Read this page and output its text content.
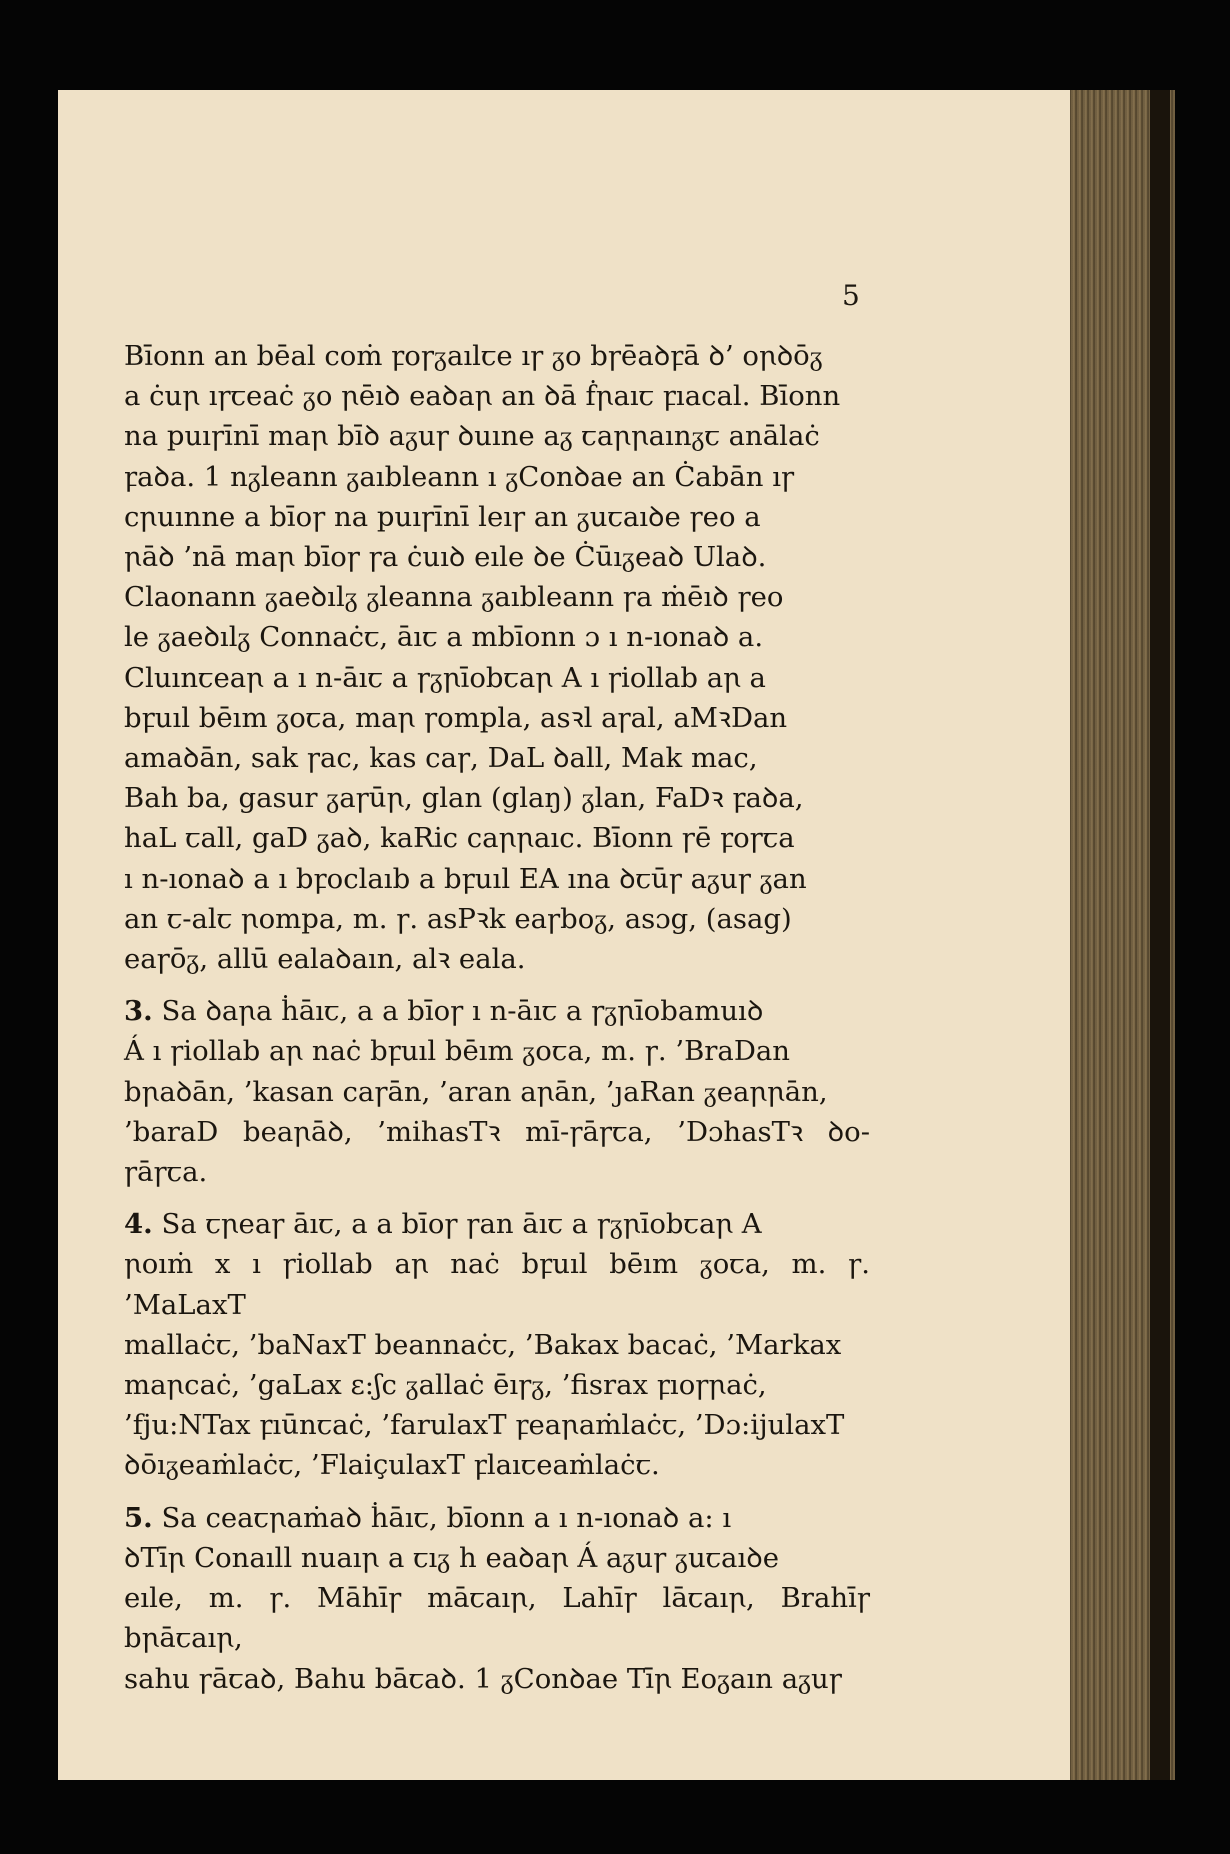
5

Bīonn an bēal coṁ ꝼoꞅᵹaılꞇe ıꞅ ᵹo bꞅēaꝺꝼā ꝺ’ oꞃꝺōᵹ
a ċuꞃ ıꞅꞇeaċ ᵹo ꞃēıꝺ eaꝺaꞃ an ꝺā ḟꞃaıꞇ ꝼıacal. Bīonn
na puıꞅīnī maꞃ bīꝺ aᵹuꞅ ꝺuıne aᵹ ꞇaꞃꞃaınᵹꞇ anālaċ
ꝼaꝺa. 1 nᵹleann ᵹaıbleann ı ᵹConꝺae an Ċabān ıꞅ
cꞃuınne a bīoꞅ na puıꞅīnī leıꞅ an ᵹuꞇaıꝺe ꞅeo a
ꞃāꝺ ’nā maꞃ bīoꞅ ꞅa ċuıꝺ eıle ꝺe Ċūıᵹeaꝺ Ulaꝺ.
Claonann ᵹaeꝺılᵹ ᵹleanna ᵹaıbleann ꞅa ṁēıꝺ ꞅeo
le ᵹaeꝺılᵹ Connaċꞇ, āıꞇ a mbīonn ɔ ı n-ıonaꝺ a.
Cluınꞇeaꞃ a ı n-āıꞇ a ꞅᵹꞃīobꞇaꞃ A ı ꞅiollab aꞃ a
bꝼuıl bēım ᵹoꞇa, maꞃ ꞅompla, asꝛl aꞅal, aMꝛDan
amaꝺān, sak ꞅac, kas caꞅ, DaL ꝺall, Mak mac,
Bah ba, gasur ᵹaꞅūꞃ, glan (glaŋ) ᵹlan, FaDꝛ ꝼaꝺa,
haL ꞇall, gaD ᵹaꝺ, kaRic caꞃꞃaıc. Bīonn ꞅē ꝼoꞅꞇa
ı n-ıonaꝺ a ı bꝼoclaıb a bꝼuıl EA ına ꝺꞇūꞅ aᵹuꞅ ᵹan
an ꞇ-alꞇ ꞃompa, m. ꞅ. asPꝛk eaꞅboᵹ, asɔg, (asag)
eaꞅōᵹ, allū ealaꝺaın, alꝛ eala.

3. Sa ꝺaꞃa ḣāıꞇ, a a bīoꞅ ı n-āıꞇ a ꞅᵹꞃīobamuıꝺ
Á ı ꞅiollab aꞃ naċ bꝼuıl bēım ᵹoꞇa, m. ꞅ. ’BraDan
bꞃaꝺān, ’kasan caꞅān, ’aran aꞃān, ’ȷaRan ᵹeaꞃꞃān,
’baraD beaꞃāꝺ, ’mihasTꝛ mī-ꞅāꞅꞇa, ’DɔhasTꝛ ꝺo-ꞅāꞅꞇa.

4. Sa ꞇꞃeaꞅ āıꞇ, a a bīoꞅ ꞅan āıꞇ a ꞅᵹꞃīobꞇaꞃ A
ꞃoıṁ x ı ꞅiollab aꞃ naċ bꝼuıl bēım ᵹoꞇa, m. ꞅ. ’MaLaxT
mallaċꞇ, ’baNaxT beannaċꞇ, ’Bakax bacaċ, ’Markax
maꞃcaċ, ’gaLax ɛ:ʃc ᵹallaċ ēıꞅᵹ, ’fisrax ꝼıoꞅꞃaċ,
’fju:NTax ꝼıūnꞇaċ, ’farulaxT ꝼeaꞃaṁlaċꞇ, ’Dɔ:ijulaxT
ꝺōıᵹeaṁlaċꞇ, ’FlaiçulaxT ꝼlaıꞇeaṁlaċꞇ.

5. Sa ceaꞇꞃaṁaꝺ ḣāıꞇ, bīonn a ı n-ıonaꝺ a: ı
ꝺTīꞃ Conaıll nuaıꞃ a ꞇıᵹ h eaꝺaꞃ Á aᵹuꞅ ᵹuꞇaıꝺe
eıle, m. ꞅ. Māhīꞅ māꞇaıꞃ, Lahīꞅ lāꞇaıꞃ, Brahīꞅ bꞃāꞇaıꞃ,
sahu ꞅāꞇaꝺ, Bahu bāꞇaꝺ. 1 ᵹConꝺae Tīꞃ Eoᵹaın aᵹuꞅ
